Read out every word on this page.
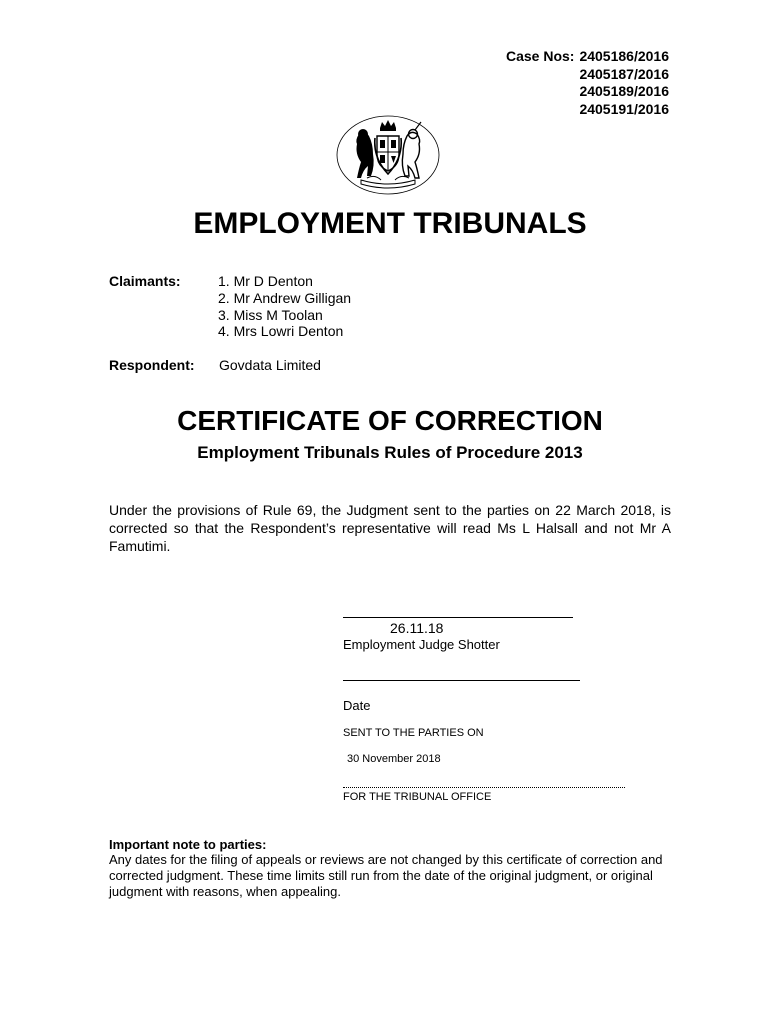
Case Nos: 2405186/2016
2405187/2016
2405189/2016
2405191/2016
EMPLOYMENT TRIBUNALS
Claimants:	1. Mr D Denton
2. Mr Andrew Gilligan
3. Miss M Toolan
4. Mrs Lowri Denton
Respondent: Govdata Limited
CERTIFICATE OF CORRECTION
Employment Tribunals Rules of Procedure 2013
Under the provisions of Rule 69, the Judgment sent to the parties on 22 March 2018, is corrected so that the Respondent’s representative will read Ms L Halsall and not Mr A Famutimi.
26.11.18
Employment Judge Shotter
Date
SENT TO THE PARTIES ON
30 November 2018
FOR THE TRIBUNAL OFFICE
Important note to parties:
Any dates for the filing of appeals or reviews are not changed by this certificate of correction and corrected judgment. These time limits still run from the date of the original judgment, or original judgment with reasons, when appealing.
